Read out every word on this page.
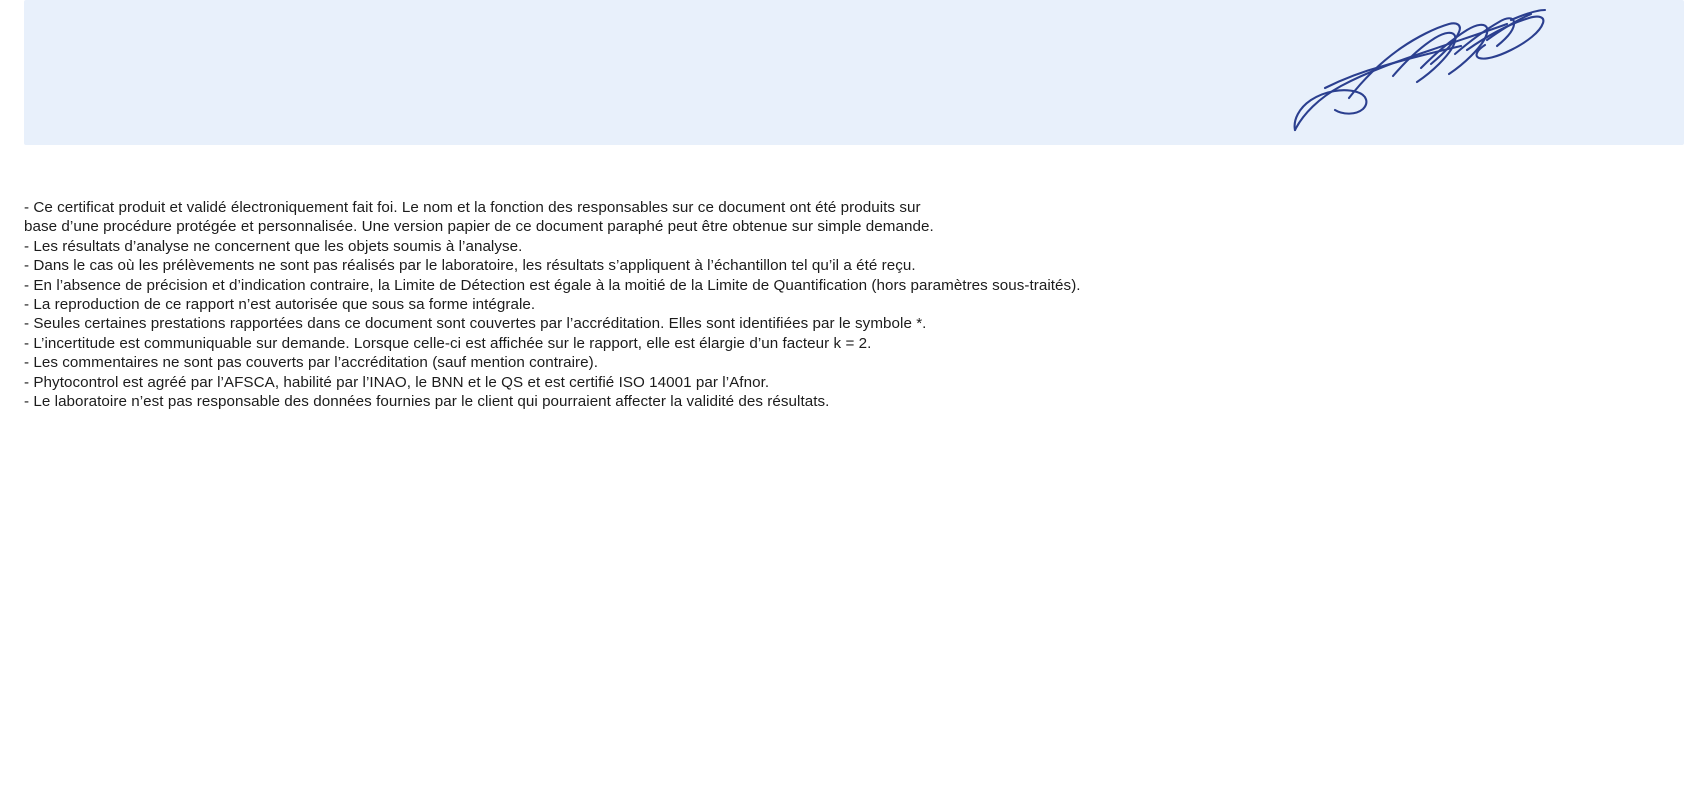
- Ce certificat produit et validé électroniquement fait foi. Le nom et la fonction des responsables sur ce document ont été produits sur
base d’une procédure protégée et personnalisée. Une version papier de ce document paraphé peut être obtenue sur simple demande.
- Les résultats d’analyse ne concernent que les objets soumis à l’analyse.
- Dans le cas où les prélèvements ne sont pas réalisés par le laboratoire, les résultats s’appliquent à l’échantillon tel qu’il a été reçu.
- En l’absence de précision et d’indication contraire, la Limite de Détection est égale à la moitié de la Limite de Quantification (hors paramètres sous-traités).
- La reproduction de ce rapport n’est autorisée que sous sa forme intégrale.
- Seules certaines prestations rapportées dans ce document sont couvertes par l’accréditation. Elles sont identifiées par le symbole *.
- L’incertitude est communiquable sur demande. Lorsque celle-ci est affichée sur le rapport, elle est élargie d’un facteur k = 2.
- Les commentaires ne sont pas couverts par l’accréditation (sauf mention contraire).
- Phytocontrol est agréé par l’AFSCA, habilité par l’INAO, le BNN et le QS et est certifié ISO 14001 par l’Afnor.
- Le laboratoire n’est pas responsable des données fournies par le client qui pourraient affecter la validité des résultats.
